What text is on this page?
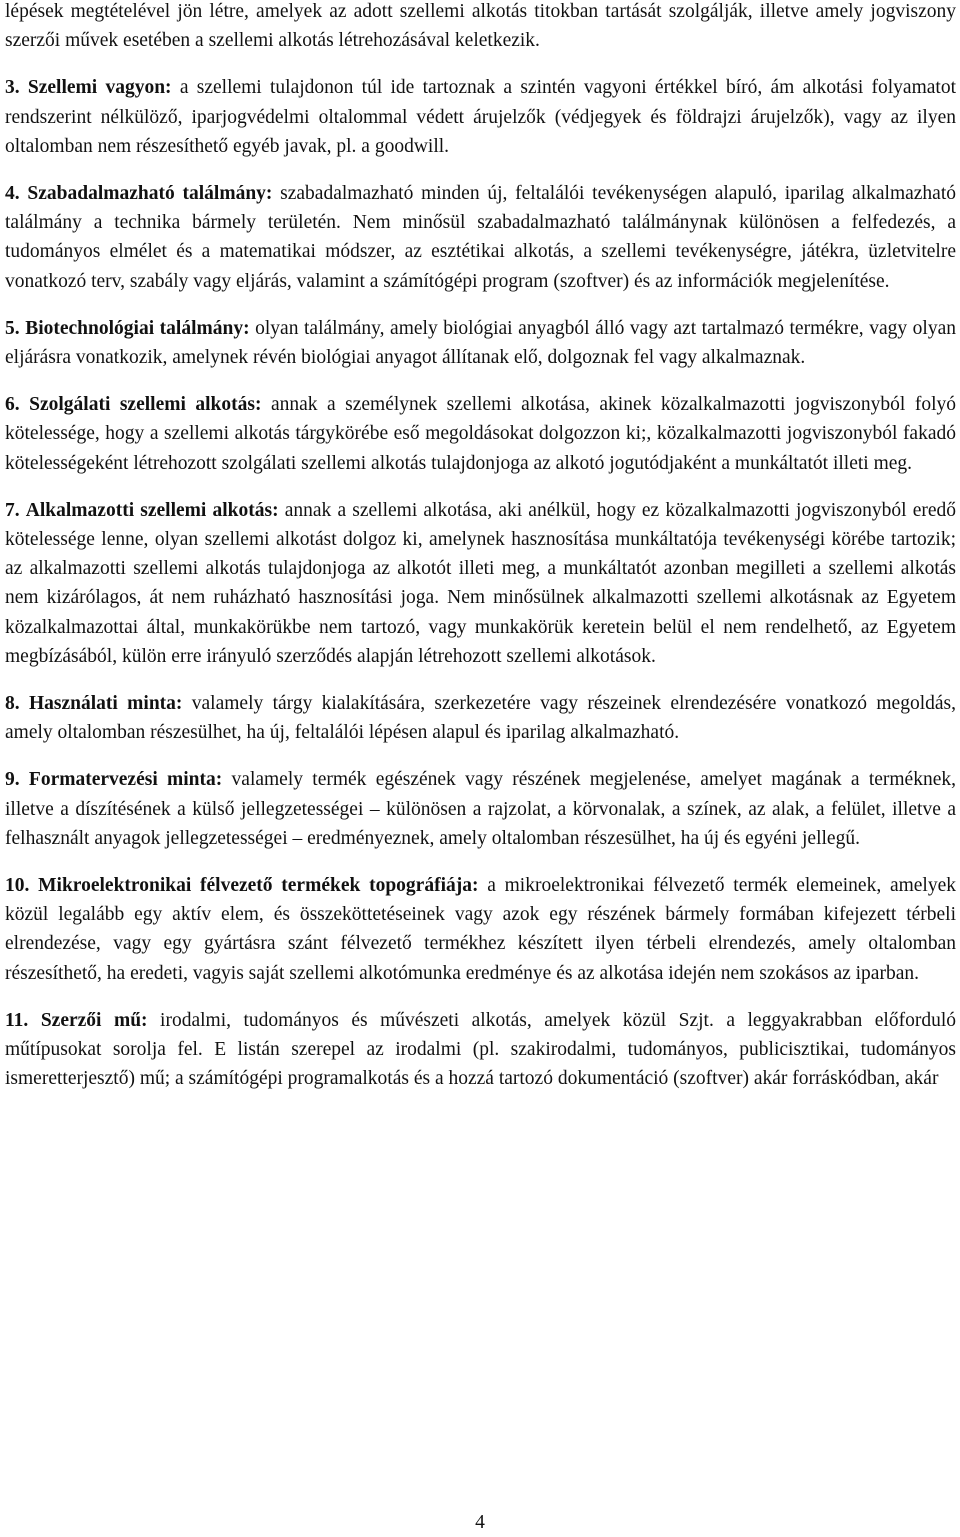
lépések megtételével jön létre, amelyek az adott szellemi alkotás titokban tartását szolgálják, illetve amely jogviszony szerzői művek esetében a szellemi alkotás létrehozásával keletkezik.

3. Szellemi vagyon: a szellemi tulajdonon túl ide tartoznak a szintén vagyoni értékkel bíró, ám alkotási folyamatot rendszerint nélkülöző, iparjogvédelmi oltalommal védett árujelzők (védjegyek és földrajzi árujelzők), vagy az ilyen oltalomban nem részesíthető egyéb javak, pl. a goodwill.

4. Szabadalmazható találmány: szabadalmazható minden új, feltalálói tevékenységen alapuló, iparilag alkalmazható találmány a technika bármely területén. Nem minősül szabadalmazható találmánynak különösen a felfedezés, a tudományos elmélet és a matematikai módszer, az esztétikai alkotás, a szellemi tevékenységre, játékra, üzletvitelre vonatkozó terv, szabály vagy eljárás, valamint a számítógépi program (szoftver) és az információk megjelenítése.

5. Biotechnológiai találmány: olyan találmány, amely biológiai anyagból álló vagy azt tartalmazó termékre, vagy olyan eljárásra vonatkozik, amelynek révén biológiai anyagot állítanak elő, dolgoznak fel vagy alkalmaznak.

6. Szolgálati szellemi alkotás: annak a személynek szellemi alkotása, akinek közalkalmazotti jogviszonyból folyó kötelessége, hogy a szellemi alkotás tárgykörébe eső megoldásokat dolgozzon ki;, közalkalmazotti jogviszonyból fakadó kötelességeként létrehozott szolgálati szellemi alkotás tulajdonjoga az alkotó jogutódjaként a munkáltatót illeti meg.

7. Alkalmazotti szellemi alkotás: annak a szellemi alkotása, aki anélkül, hogy ez közalkalmazotti jogviszonyból eredő kötelessége lenne, olyan szellemi alkotást dolgoz ki, amelynek hasznosítása munkáltatója tevékenységi körébe tartozik; az alkalmazotti szellemi alkotás tulajdonjoga az alkotót illeti meg, a munkáltatót azonban megilleti a szellemi alkotás nem kizárólagos, át nem ruházható hasznosítási joga. Nem minősülnek alkalmazotti szellemi alkotásnak az Egyetem közalkalmazottai által, munkakörükbe nem tartozó, vagy munkakörük keretein belül el nem rendelhető, az Egyetem megbízásából, külön erre irányuló szerződés alapján létrehozott szellemi alkotások.

8. Használati minta: valamely tárgy kialakítására, szerkezetére vagy részeinek elrendezésére vonatkozó megoldás, amely oltalomban részesülhet, ha új, feltalálói lépésen alapul és iparilag alkalmazható.

9. Formatervezési minta: valamely termék egészének vagy részének megjelenése, amelyet magának a terméknek, illetve a díszítésének a külső jellegzetességei – különösen a rajzolat, a körvonalak, a színek, az alak, a felület, illetve a felhasznált anyagok jellegzetességei – eredményeznek, amely oltalomban részesülhet, ha új és egyéni jellegű.

10. Mikroelektronikai félvezető termékek topográfiája: a mikroelektronikai félvezető termék elemeinek, amelyek közül legalább egy aktív elem, és összeköttetéseinek vagy azok egy részének bármely formában kifejezett térbeli elrendezése, vagy egy gyártásra szánt félvezető termékhez készített ilyen térbeli elrendezés, amely oltalomban részesíthető, ha eredeti, vagyis saját szellemi alkotómunka eredménye és az alkotása idején nem szokásos az iparban.

11. Szerzői mű: irodalmi, tudományos és művészeti alkotás, amelyek közül Szjt. a leggyakrabban előforduló műtípusokat sorolja fel. E listán szerepel az irodalmi (pl. szakirodalmi, tudományos, publicisztikai, tudományos ismeretterjesztő) mű; a számítógépi programalkotás és a hozzá tartozó dokumentáció (szoftver) akár forráskódban, akár

4
